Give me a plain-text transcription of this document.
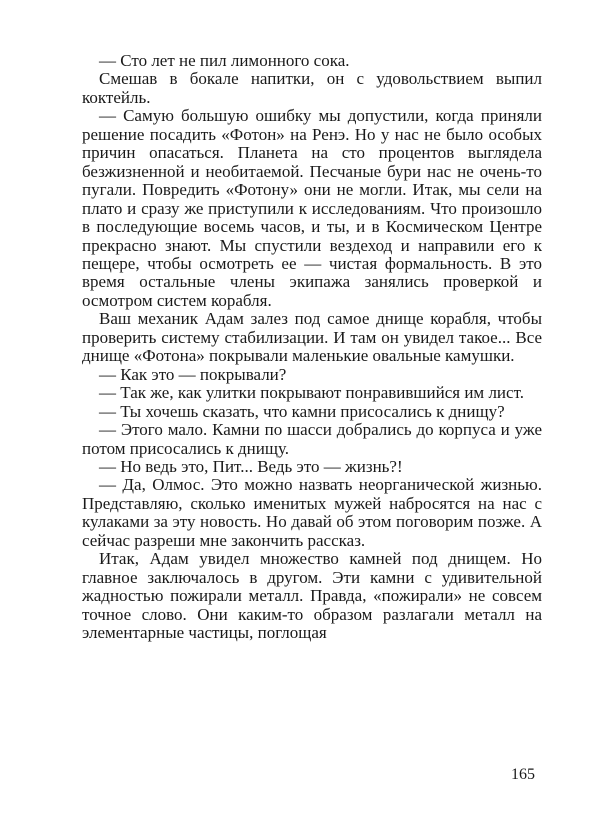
— Сто лет не пил лимонного сока.

Смешав в бокале напитки, он с удовольствием выпил коктейль.

— Самую большую ошибку мы допустили, когда приняли решение посадить «Фотон» на Ренэ. Но у нас не было особых причин опасаться. Планета на сто процентов выглядела безжизненной и необитаемой. Песчаные бури нас не очень-то пугали. Повредить «Фотону» они не могли. Итак, мы сели на плато и сразу же приступили к исследованиям. Что произошло в последующие восемь часов, и ты, и в Космическом Центре прекрасно знают. Мы спустили вездеход и направили его к пещере, чтобы осмотреть ее — чистая формальность. В это время остальные члены экипажа занялись проверкой и осмотром систем корабля.

Ваш механик Адам залез под самое днище корабля, чтобы проверить систему стабилизации. И там он увидел такое... Все днище «Фотона» покрывали маленькие овальные камушки.

— Как это — покрывали?

— Так же, как улитки покрывают понравившийся им лист.

— Ты хочешь сказать, что камни присосались к днищу?

— Этого мало. Камни по шасси добрались до корпуса и уже потом присосались к днищу.

— Но ведь это, Пит... Ведь это — жизнь?!

— Да, Олмос. Это можно назвать неорганической жизнью. Представляю, сколько именитых мужей набросятся на нас с кулаками за эту новость. Но давай об этом поговорим позже. А сейчас разреши мне закончить рассказ.

Итак, Адам увидел множество камней под днищем. Но главное заключалось в другом. Эти камни с удивительной жадностью пожирали металл. Правда, «пожирали» не совсем точное слово. Они каким-то образом разлагали металл на элементарные частицы, поглощая

165
